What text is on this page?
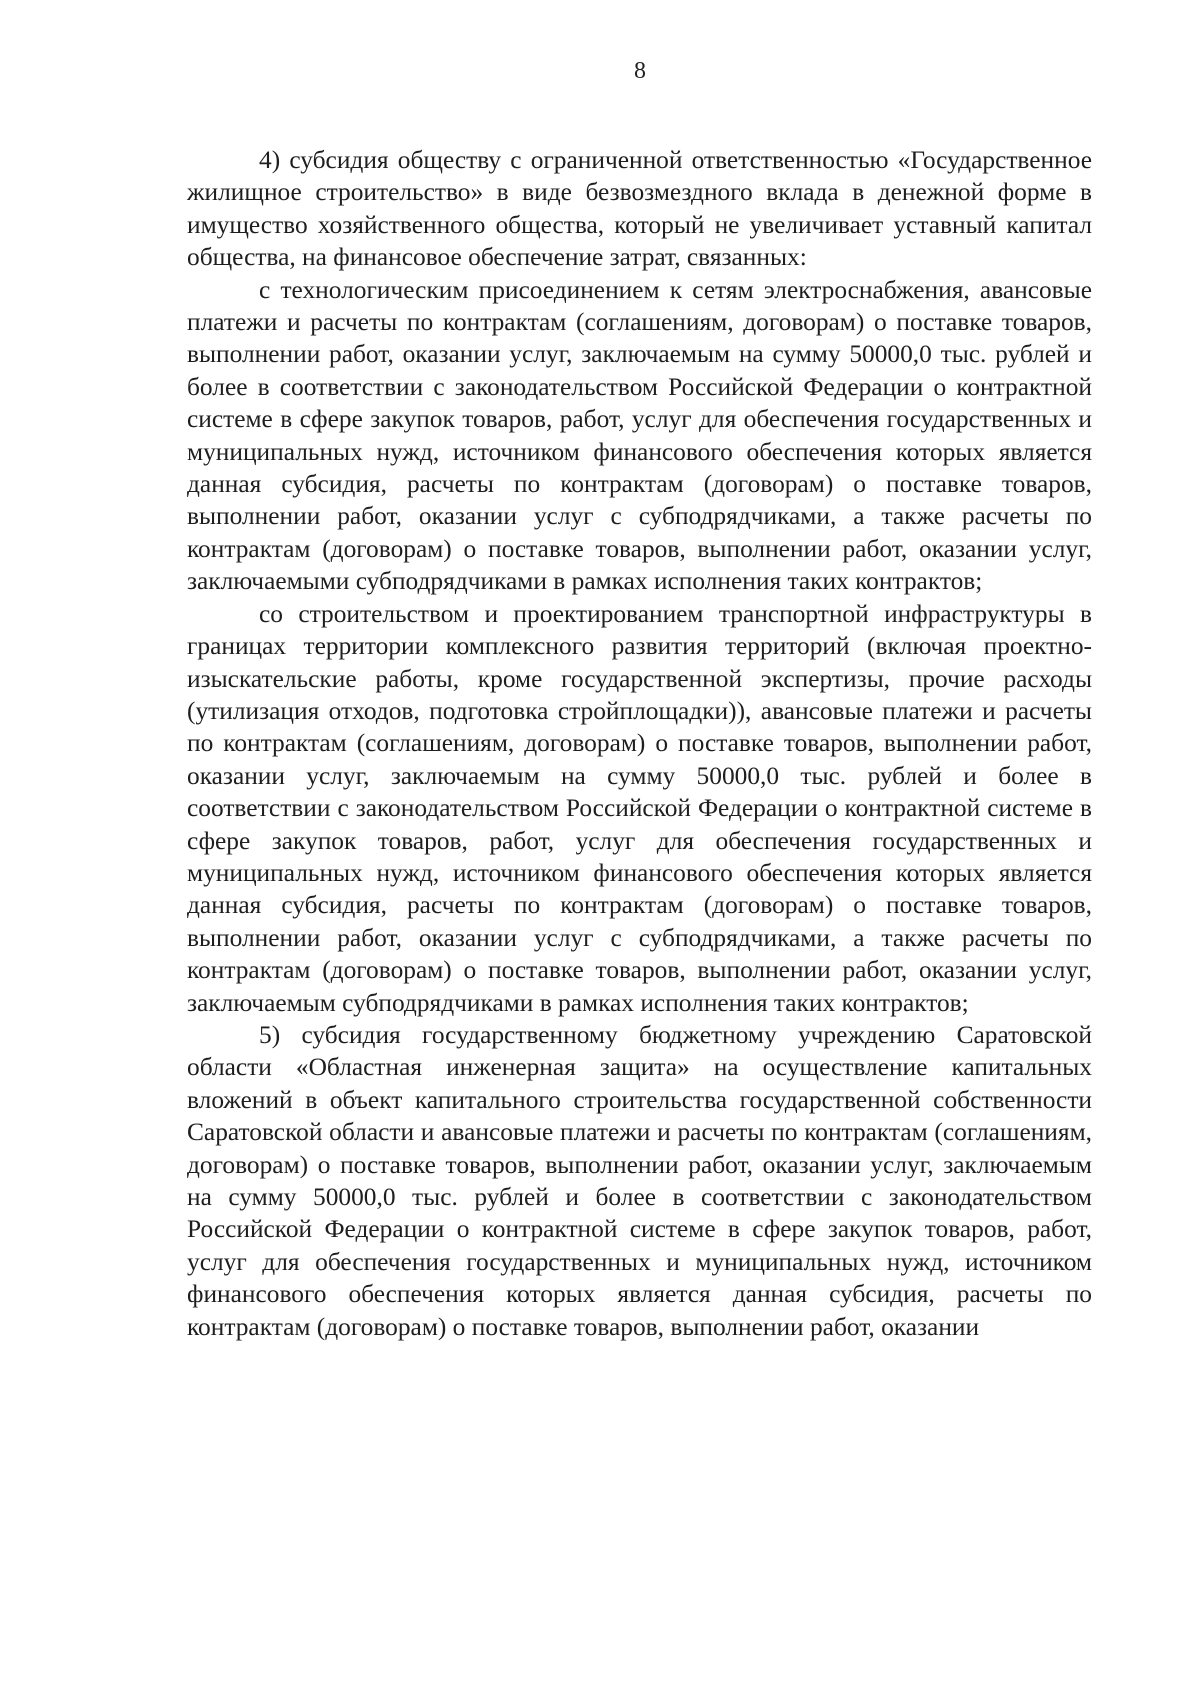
8

4) субсидия обществу с ограниченной ответственностью «Государственное жилищное строительство» в виде безвозмездного вклада в денежной форме в имущество хозяйственного общества, который не увеличивает уставный капитал общества, на финансовое обеспечение затрат, связанных:

с технологическим присоединением к сетям электроснабжения, авансовые платежи и расчеты по контрактам (соглашениям, договорам) о поставке товаров, выполнении работ, оказании услуг, заключаемым на сумму 50000,0 тыс. рублей и более в соответствии с законодательством Российской Федерации о контрактной системе в сфере закупок товаров, работ, услуг для обеспечения государственных и муниципальных нужд, источником финансового обеспечения которых является данная субсидия, расчеты по контрактам (договорам) о поставке товаров, выполнении работ, оказании услуг с субподрядчиками, а также расчеты по контрактам (договорам) о поставке товаров, выполнении работ, оказании услуг, заключаемыми субподрядчиками в рамках исполнения таких контрактов;

со строительством и проектированием транспортной инфраструктуры в границах территории комплексного развития территорий (включая проектно-изыскательские работы, кроме государственной экспертизы, прочие расходы (утилизация отходов, подготовка стройплощадки)), авансовые платежи и расчеты по контрактам (соглашениям, договорам) о поставке товаров, выполнении работ, оказании услуг, заключаемым на сумму 50000,0 тыс. рублей и более в соответствии с законодательством Российской Федерации о контрактной системе в сфере закупок товаров, работ, услуг для обеспечения государственных и муниципальных нужд, источником финансового обеспечения которых является данная субсидия, расчеты по контрактам (договорам) о поставке товаров, выполнении работ, оказании услуг с субподрядчиками, а также расчеты по контрактам (договорам) о поставке товаров, выполнении работ, оказании услуг, заключаемым субподрядчиками в рамках исполнения таких контрактов;

5) субсидия государственному бюджетному учреждению Саратовской области «Областная инженерная защита» на осуществление капитальных вложений в объект капитального строительства государственной собственности Саратовской области и авансовые платежи и расчеты по контрактам (соглашениям, договорам) о поставке товаров, выполнении работ, оказании услуг, заключаемым на сумму 50000,0 тыс. рублей и более в соответствии с законодательством Российской Федерации о контрактной системе в сфере закупок товаров, работ, услуг для обеспечения государственных и муниципальных нужд, источником финансового обеспечения которых является данная субсидия, расчеты по контрактам (договорам) о поставке товаров, выполнении работ, оказании
